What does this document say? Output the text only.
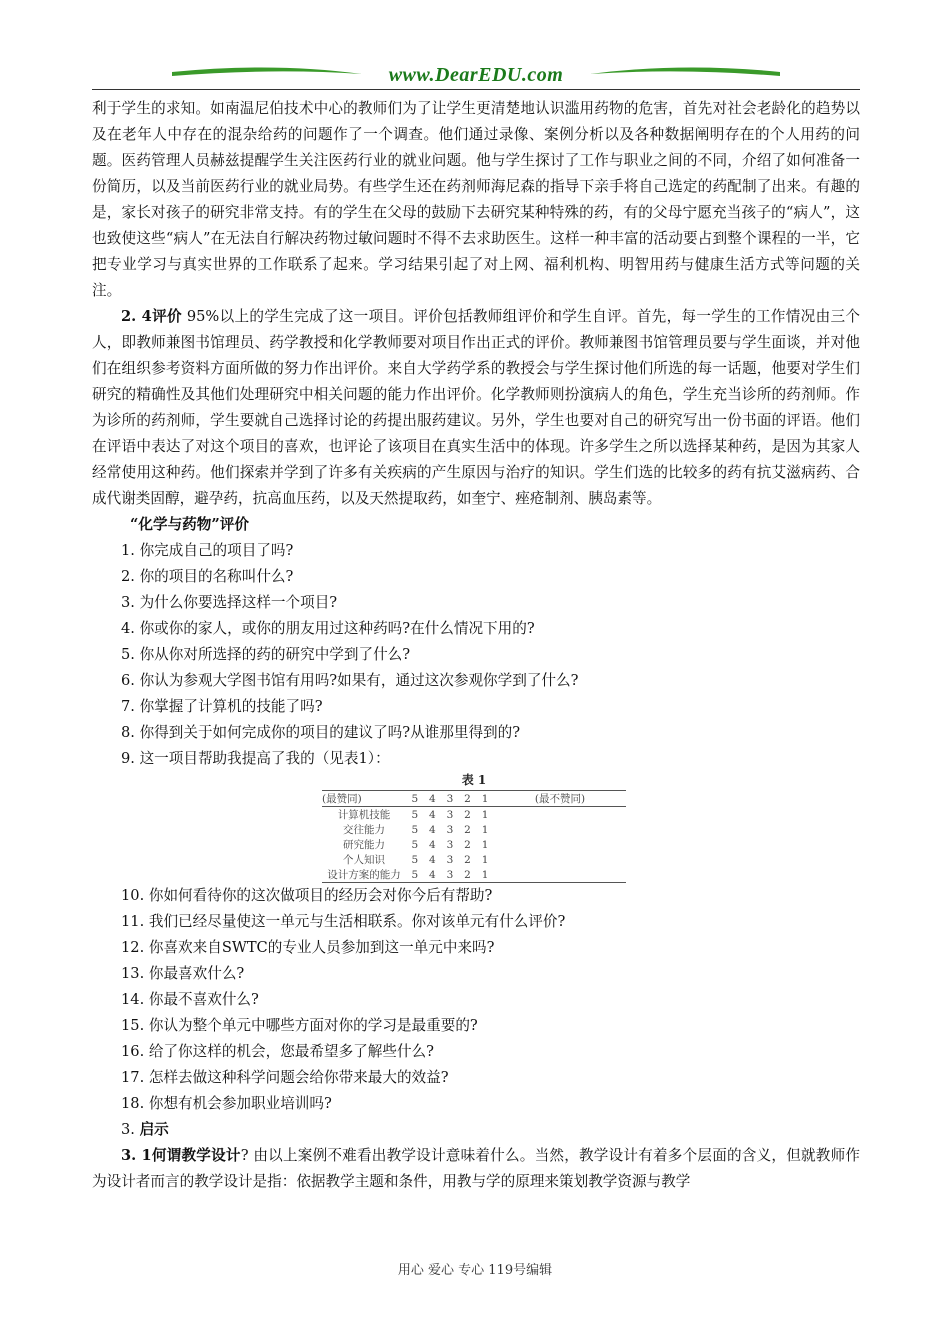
www.DearEDU.com

利于学生的求知。如南温尼伯技术中心的教师们为了让学生更清楚地认识滥用药物的危害，首先对社会老龄化的趋势以及在老年人中存在的混杂给药的问题作了一个调查。他们通过录像、案例分析以及各种数据阐明存在的个人用药的问题。医药管理人员赫兹提醒学生关注医药行业的就业问题。他与学生探讨了工作与职业之间的不同，介绍了如何准备一份简历，以及当前医药行业的就业局势。有些学生还在药剂师海尼森的指导下亲手将自己选定的药配制了出来。有趣的是，家长对孩子的研究非常支持。有的学生在父母的鼓励下去研究某种特殊的药，有的父母宁愿充当孩子的“病人”，这也致使这些“病人”在无法自行解决药物过敏问题时不得不去求助医生。这样一种丰富的活动要占到整个课程的一半，它把专业学习与真实世界的工作联系了起来。学习结果引起了对上网、福利机构、明智用药与健康生活方式等问题的关注。

2. 4评价 95%以上的学生完成了这一项目。评价包括教师组评价和学生自评。首先，每一学生的工作情况由三个人，即教师兼图书馆理员、药学教授和化学教师要对项目作出正式的评价。教师兼图书馆管理员要与学生面谈，并对他们在组织参考资料方面所做的努力作出评价。来自大学药学系的教授会与学生探讨他们所选的每一话题，他要对学生们研究的精确性及其他们处理研究中相关问题的能力作出评价。化学教师则扮演病人的角色，学生充当诊所的药剂师。作为诊所的药剂师，学生要就自己选择讨论的药提出服药建议。另外，学生也要对自己的研究写出一份书面的评语。他们在评语中表达了对这个项目的喜欢，也评论了该项目在真实生活中的体现。许多学生之所以选择某种药，是因为其家人经常使用这种药。他们探索并学到了许多有关疾病的产生原因与治疗的知识。学生们选的比较多的药有抗艾滋病药、合成代谢类固醇，避孕药，抗高血压药，以及天然提取药，如奎宁、痤疮制剂、胰岛素等。

“化学与药物”评价

1. 你完成自己的项目了吗?

2. 你的项目的名称叫什么?

3. 为什么你要选择这样一个项目?

4. 你或你的家人，或你的朋友用过这种药吗?在什么情况下用的?

5. 你从你对所选择的药的研究中学到了什么?

6. 你认为参观大学图书馆有用吗?如果有，通过这次参观你学到了什么?

7. 你掌握了计算机的技能了吗?

8. 你得到关于如何完成你的项目的建议了吗?从谁那里得到的?

9. 这一项目帮助我提高了我的（见表1）：

表 1
(最赞同)	5	4	3	2	1	(最不赞同)
计算机技能	5	4	3	2	1	
交往能力	5	4	3	2	1	
研究能力	5	4	3	2	1	
个人知识	5	4	3	2	1	
设计方案的能力	5	4	3	2	1	

10. 你如何看待你的这次做项目的经历会对你今后有帮助?

11. 我们已经尽量使这一单元与生活相联系。你对该单元有什么评价?

12. 你喜欢来自SWTC的专业人员参加到这一单元中来吗?

13. 你最喜欢什么?

14. 你最不喜欢什么?

15. 你认为整个单元中哪些方面对你的学习是最重要的?

16. 给了你这样的机会，您最希望多了解些什么?

17. 怎样去做这种科学问题会给你带来最大的效益?

18. 你想有机会参加职业培训吗?

3. 启示

3. 1何谓教学设计? 由以上案例不难看出教学设计意味着什么。当然，教学设计有着多个层面的含义，但就教师作为设计者而言的教学设计是指：依据教学主题和条件，用教与学的原理来策划教学资源与教学

用心 爱心 专心 119号编辑
